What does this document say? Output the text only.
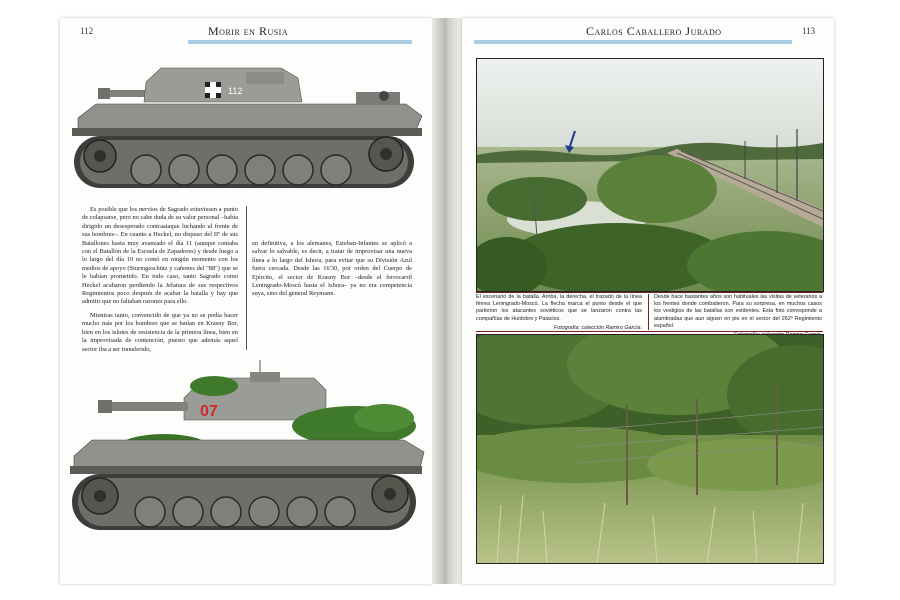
112	Morir en Rusia
112

Es posible que los nervios de Sagrado estuviesen a punto de colapsarse, pero no cabe duda de su valor personal –había dirigido un desesperado contraataque luchando al frente de sus hombres–. En cuanto a Heckel, no dispuso del IIº de sus Batallones hasta muy avanzado el día 11 (aunque contaba con el Batallón de la Escuela de Zapadores) y desde luego a lo largo del día 10 no contó en ningún momento con los medios de apoyo (Sturmgeschütz y cañones del "88") que se le habían prometido. En todo caso, tanto Sagrado como Heckel acabaron perdiendo la Jefatura de sus respectivos Regimientos poco después de acabar la batalla y hay que admitir que no faltaban razones para ello.

Mientras tanto, convencido de que ya no se podía hacer mucho más por los hombres que se batían en Krasny Bor, bien en los islotes de resistencia de la primera línea, bien en la improvisada de contención, puesto que además aquel sector iba a ser transferido,

en definitiva, a los alemanes, Esteban-Infantes se aplicó a salvar lo salvable, es decir, a tratar de improvisar una nueva línea a lo largo del Ishora, para evitar que su División Azul fuera cercada. Desde las 16'30, por orden del Cuerpo de Ejército, el sector de Krasny Bor –desde el ferrocarril Leningrado-Moscú hasta el Ishora– ya no era competencia suya, sino del general Reymann.

07
Carlos Caballero Jurado	113
El escenario de la batalla. Arriba, la derecha, el trazado de la línea férrea Leningrado-Moscú. La flecha marca el punto desde el que partieron los atacantes soviéticos que se lanzaron contra las compañías de Huidobro y Palacios.
Fotografía: colección Ramiro García.
Desde hace bastantes años son habituales las visitas de veteranos a los frentes donde combatieron. Para su sorpresa, en muchos casos los vestigios de las batallas son evidentes. Esta foto corresponde a alambradas que aun siguen en pie en el sector del 262º Regimiento español.
